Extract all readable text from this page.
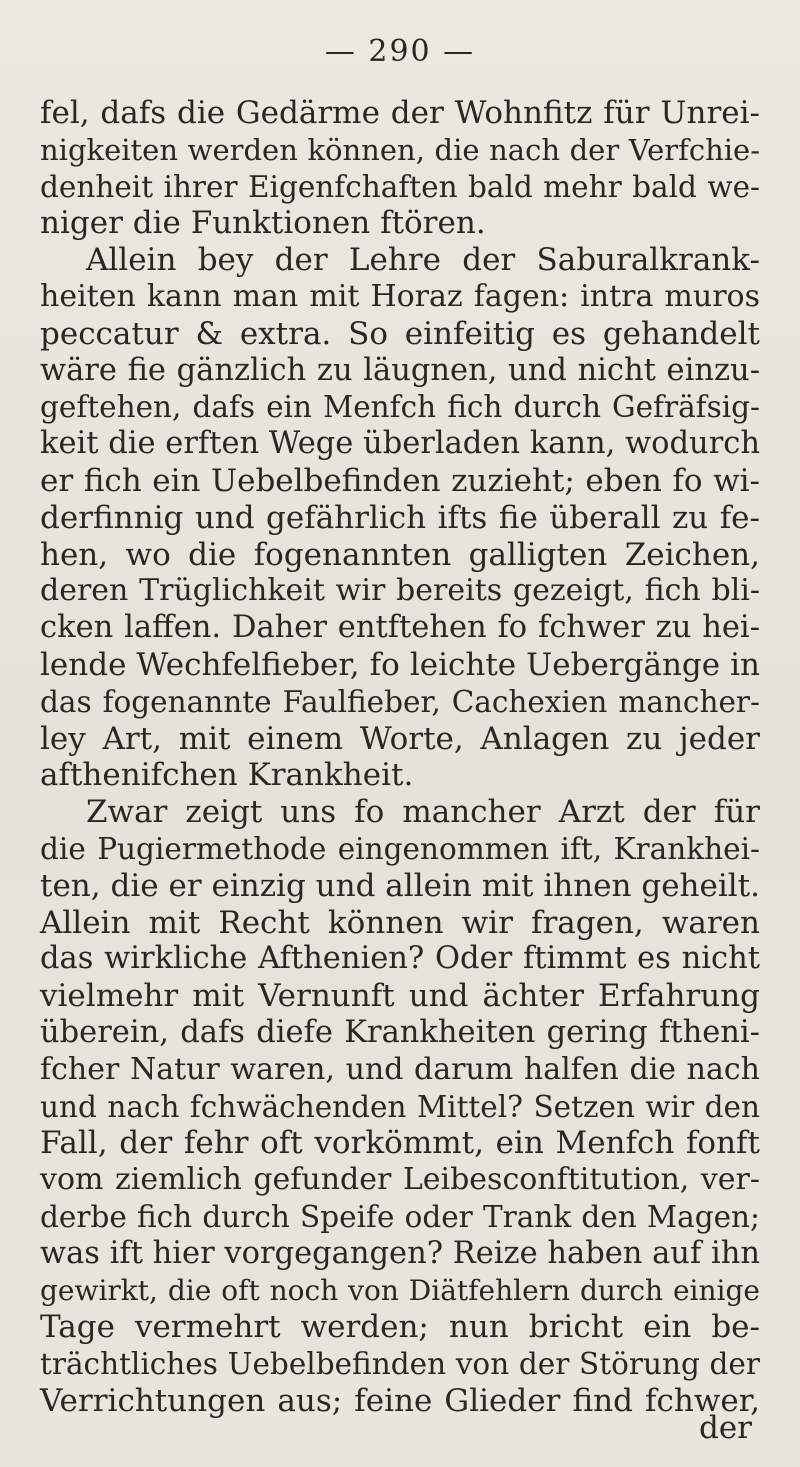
— 290 —
fel, dafs die Gedärme der Wohnfitz für Unrei-
nigkeiten werden können, die nach der Verfchie-
denheit ihrer Eigenfchaften bald mehr bald we-
niger die Funktionen ftören.
Allein bey der Lehre der Saburalkrank-
heiten kann man mit Horaz fagen: intra muros
peccatur & extra. So einfeitig es gehandelt
wäre fie gänzlich zu läugnen, und nicht einzu-
geftehen, dafs ein Menfch fich durch Gefräfsig-
keit die erften Wege überladen kann, wodurch
er fich ein Uebelbefinden zuzieht; eben fo wi-
derfinnig und gefährlich ifts fie überall zu fe-
hen, wo die fogenannten galligten Zeichen,
deren Trüglichkeit wir bereits gezeigt, fich bli-
cken laffen. Daher entftehen fo fchwer zu hei-
lende Wechfelfieber, fo leichte Uebergänge in
das fogenannte Faulfieber, Cachexien mancher-
ley Art, mit einem Worte, Anlagen zu jeder
afthenifchen Krankheit.
Zwar zeigt uns fo mancher Arzt der für
die Pugiermethode eingenommen ift, Krankhei-
ten, die er einzig und allein mit ihnen geheilt.
Allein mit Recht können wir fragen, waren
das wirkliche Afthenien? Oder ftimmt es nicht
vielmehr mit Vernunft und ächter Erfahrung
überein, dafs diefe Krankheiten gering ftheni-
fcher Natur waren, und darum halfen die nach
und nach fchwächenden Mittel? Setzen wir den
Fall, der fehr oft vorkömmt, ein Menfch fonft
vom ziemlich gefunder Leibesconftitution, ver-
derbe fich durch Speife oder Trank den Magen;
was ift hier vorgegangen? Reize haben auf ihn
gewirkt, die oft noch von Diätfehlern durch einige
Tage vermehrt werden; nun bricht ein be-
trächtliches Uebelbefinden von der Störung der
Verrichtungen aus; feine Glieder find fchwer,
der
